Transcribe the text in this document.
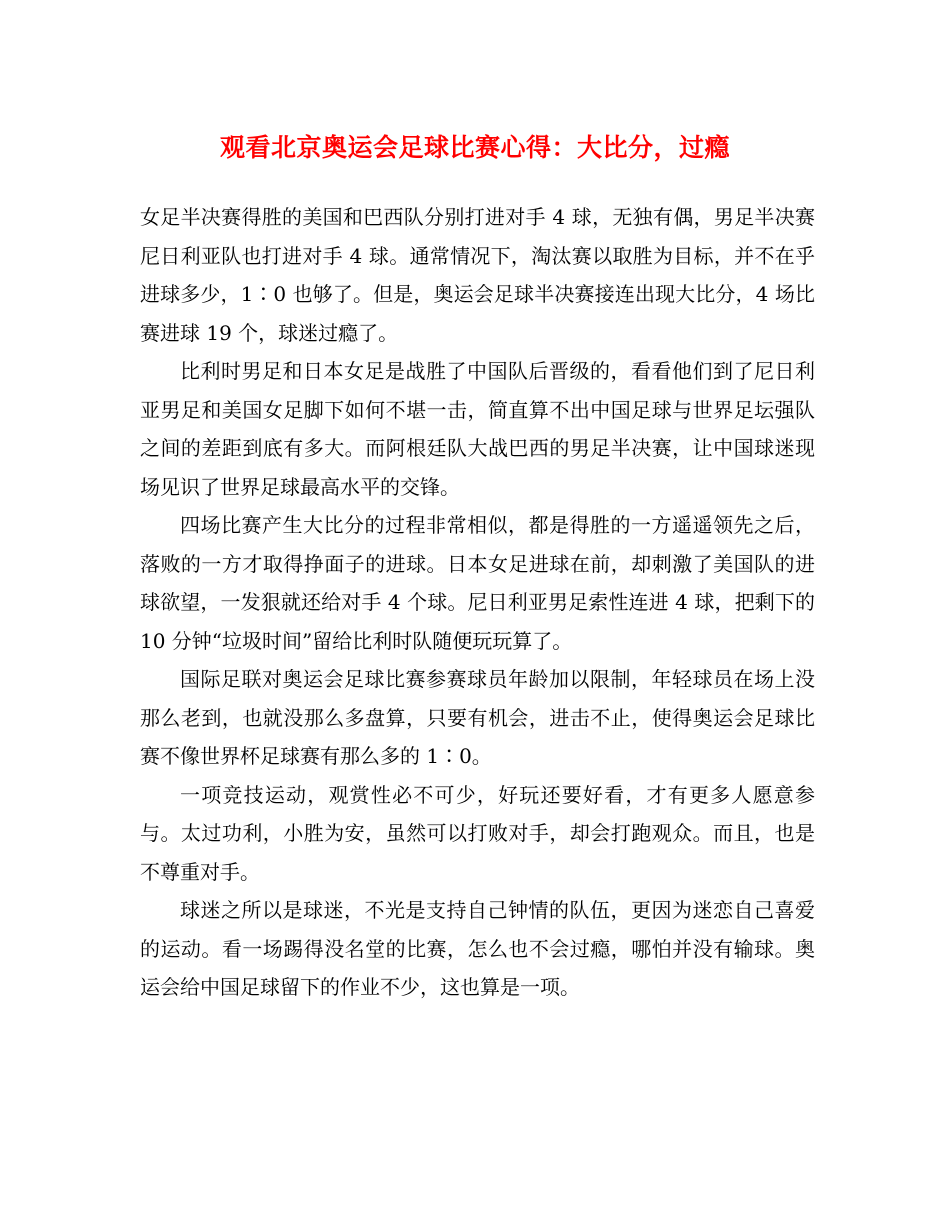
观看北京奥运会足球比赛心得：大比分，过瘾

女足半决赛得胜的美国和巴西队分别打进对手 4 球，无独有偶，男足半决赛尼日利亚队也打进对手 4 球。通常情况下，淘汰赛以取胜为目标，并不在乎进球多少，1∶0 也够了。但是，奥运会足球半决赛接连出现大比分，4 场比赛进球 19 个，球迷过瘾了。

比利时男足和日本女足是战胜了中国队后晋级的，看看他们到了尼日利亚男足和美国女足脚下如何不堪一击，简直算不出中国足球与世界足坛强队之间的差距到底有多大。而阿根廷队大战巴西的男足半决赛，让中国球迷现场见识了世界足球最高水平的交锋。

四场比赛产生大比分的过程非常相似，都是得胜的一方遥遥领先之后，落败的一方才取得挣面子的进球。日本女足进球在前，却刺激了美国队的进球欲望，一发狠就还给对手 4 个球。尼日利亚男足索性连进 4 球，把剩下的 10 分钟“垃圾时间”留给比利时队随便玩玩算了。

国际足联对奥运会足球比赛参赛球员年龄加以限制，年轻球员在场上没那么老到，也就没那么多盘算，只要有机会，进击不止，使得奥运会足球比赛不像世界杯足球赛有那么多的 1∶0。

一项竞技运动，观赏性必不可少，好玩还要好看，才有更多人愿意参与。太过功利，小胜为安，虽然可以打败对手，却会打跑观众。而且，也是不尊重对手。

球迷之所以是球迷，不光是支持自己钟情的队伍，更因为迷恋自己喜爱的运动。看一场踢得没名堂的比赛，怎么也不会过瘾，哪怕并没有输球。奥运会给中国足球留下的作业不少，这也算是一项。
